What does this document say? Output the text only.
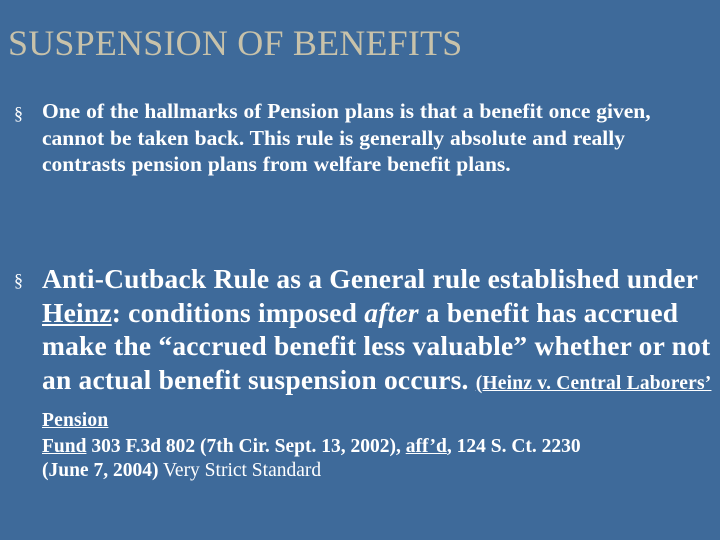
SUSPENSION OF BENEFITS
§ One of the hallmarks of Pension plans is that a benefit once given, cannot be taken back. This rule is generally absolute and really contrasts pension plans from welfare benefit plans.
§ Anti-Cutback Rule as a General rule established under Heinz: conditions imposed after a benefit has accrued make the “accrued benefit less valuable” whether or not an actual benefit suspension occurs. (Heinz v. Central Laborers’ Pension
Fund 303 F.3d 802 (7th Cir. Sept. 13, 2002), aff’d, 124 S. Ct. 2230
(June 7, 2004) Very Strict Standard
